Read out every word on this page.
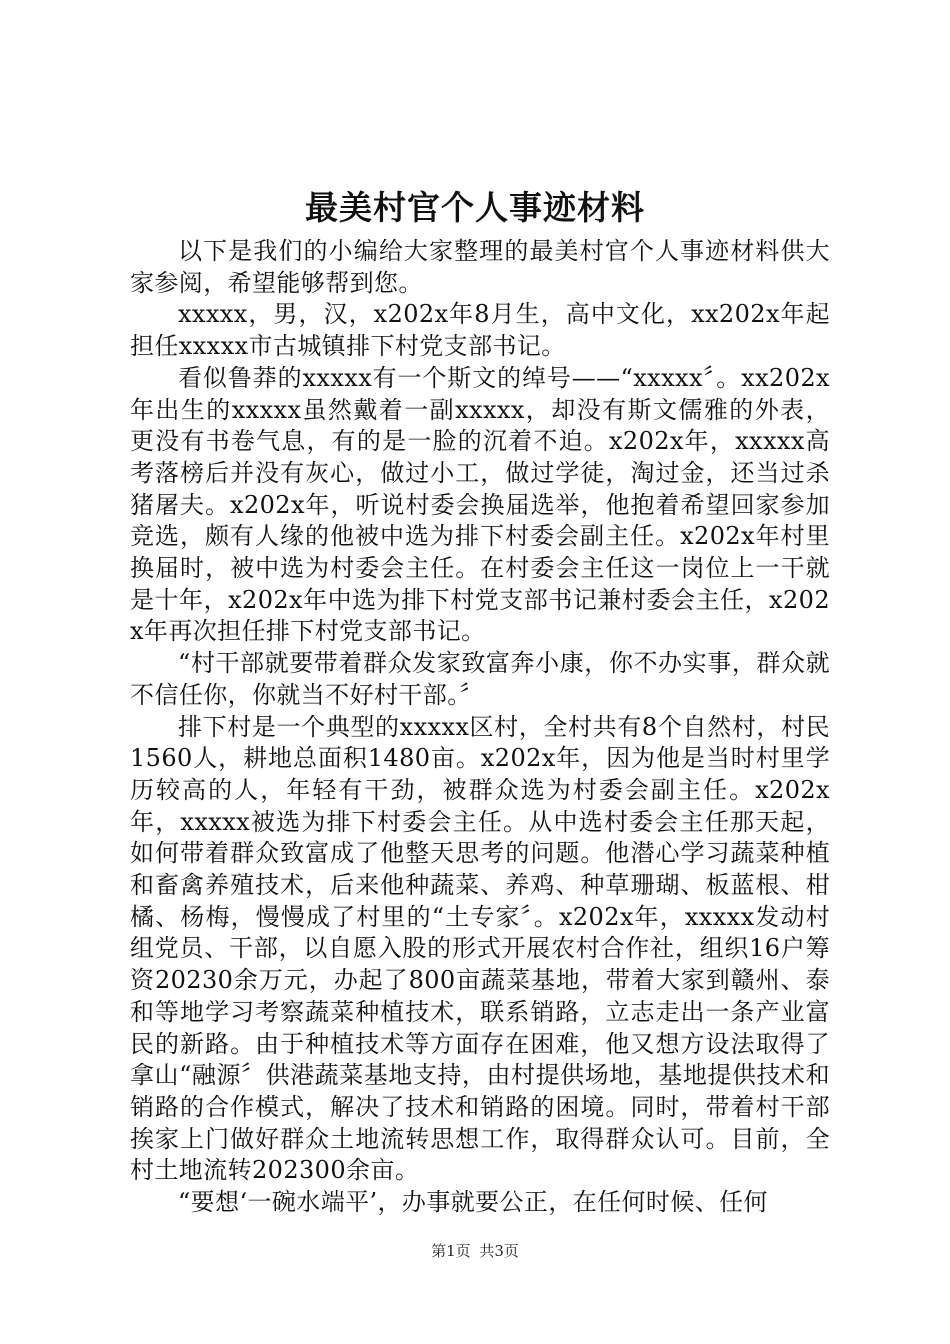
最美村官个人事迹材料

以下是我们的小编给大家整理的最美村官个人事迹材料供大家参阅，希望能够帮到您。

xxxxx，男，汉，x202x年8月生，高中文化，xx202x年起担任xxxxx市古城镇排下村党支部书记。

看似鲁莽的xxxxx有一个斯文的绰号——“xxxxx〞。xx202x年出生的xxxxx虽然戴着一副xxxxx，却没有斯文儒雅的外表，更没有书卷气息，有的是一脸的沉着不迫。x202x年，xxxxx高考落榜后并没有灰心，做过小工，做过学徒，淘过金，还当过杀猪屠夫。x202x年，听说村委会换届选举，他抱着希望回家参加竞选，颇有人缘的他被中选为排下村委会副主任。x202x年村里换届时，被中选为村委会主任。在村委会主任这一岗位上一干就是十年，x202x年中选为排下村党支部书记兼村委会主任，x202x年再次担任排下村党支部书记。

“村干部就要带着群众发家致富奔小康，你不办实事，群众就不信任你，你就当不好村干部。〞

排下村是一个典型的xxxxx区村，全村共有8个自然村，村民1560人，耕地总面积1480亩。x202x年，因为他是当时村里学历较高的人，年轻有干劲，被群众选为村委会副主任。x202x年，xxxxx被选为排下村委会主任。从中选村委会主任那天起，如何带着群众致富成了他整天思考的问题。他潜心学习蔬菜种植和畜禽养殖技术，后来他种蔬菜、养鸡、种草珊瑚、板蓝根、柑橘、杨梅，慢慢成了村里的“土专家〞。x202x年，xxxxx发动村组党员、干部，以自愿入股的形式开展农村合作社，组织16户筹资20230余万元，办起了800亩蔬菜基地，带着大家到赣州、泰和等地学习考察蔬菜种植技术，联系销路，立志走出一条产业富民的新路。由于种植技术等方面存在困难，他又想方设法取得了拿山“融源〞供港蔬菜基地支持，由村提供场地，基地提供技术和销路的合作模式，解决了技术和销路的困境。同时，带着村干部挨家上门做好群众土地流转思想工作，取得群众认可。目前，全村土地流转202300余亩。

“要想‘一碗水端平’，办事就要公正，在任何时候、任何

第1页 共3页
